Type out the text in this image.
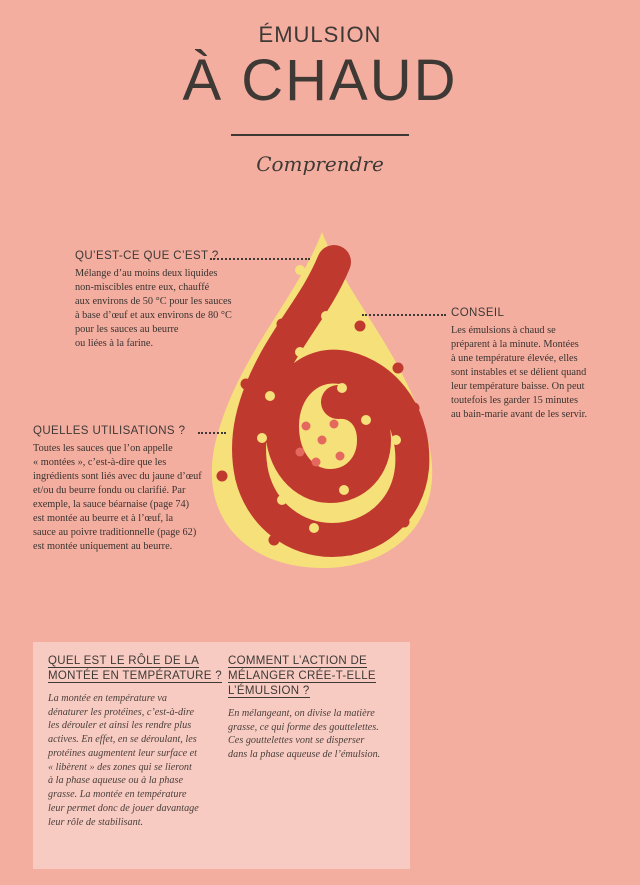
ÉMULSION
À CHAUD
Comprendre
QU’EST-CE QUE C’EST ?
Mélange d’au moins deux liquides
non-miscibles entre eux, chauffé
aux environs de 50 °C pour les sauces
à base d’œuf et aux environs de 80 °C
pour les sauces au beurre
ou liées à la farine.
CONSEIL
Les émulsions à chaud se
préparent à la minute. Montées
à une température élevée, elles
sont instables et se délient quand
leur température baisse. On peut
toutefois les garder 15 minutes
au bain-marie avant de les servir.
QUELLES UTILISATIONS ?
Toutes les sauces que l’on appelle
« montées », c’est-à-dire que les
ingrédients sont liés avec du jaune d’œuf
et/ou du beurre fondu ou clarifié. Par
exemple, la sauce béarnaise (page 74)
est montée au beurre et à l’œuf, la
sauce au poivre traditionnelle (page 62)
est montée uniquement au beurre.
QUEL EST LE RÔLE DE LA
MONTÉE EN TEMPÉRATURE ?
La montée en température va
dénaturer les protéines, c’est-à-dire
les dérouler et ainsi les rendre plus
actives. En effet, en se déroulant, les
protéines augmentent leur surface et
« libèrent » des zones qui se lieront
à la phase aqueuse ou à la phase
grasse. La montée en température
leur permet donc de jouer davantage
leur rôle de stabilisant.
COMMENT L’ACTION DE
MÉLANGER CRÉE-T-ELLE
L’ÉMULSION ?
En mélangeant, on divise la matière
grasse, ce qui forme des gouttelettes.
Ces gouttelettes vont se disperser
dans la phase aqueuse de l’émulsion.
